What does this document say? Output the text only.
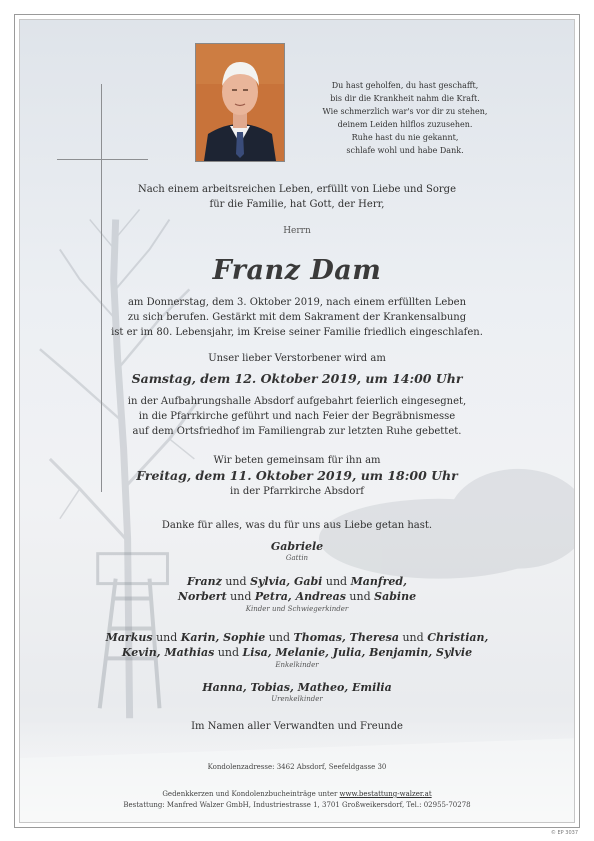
Du hast geholfen, du hast geschafft,
bis dir die Krankheit nahm die Kraft.
Wie schmerzlich war's vor dir zu stehen,
deinem Leiden hilflos zuzusehen.
Ruhe hast du nie gekannt,
schlafe wohl und habe Dank.
Nach einem arbeitsreichen Leben, erfüllt von Liebe und Sorge
für die Familie, hat Gott, der Herr,
Herrn
Franz Dam
am Donnerstag, dem 3. Oktober 2019, nach einem erfüllten Leben
zu sich berufen. Gestärkt mit dem Sakrament der Krankensalbung
ist er im 80. Lebensjahr, im Kreise seiner Familie friedlich eingeschlafen.
Unser lieber Verstorbener wird am
Samstag, dem 12. Oktober 2019, um 14:00 Uhr
in der Aufbahrungshalle Absdorf aufgebahrt feierlich eingesegnet,
in die Pfarrkirche geführt und nach Feier der Begräbnismesse
auf dem Ortsfriedhof im Familiengrab zur letzten Ruhe gebettet.
Wir beten gemeinsam für ihn am
Freitag, dem 11. Oktober 2019, um 18:00 Uhr
in der Pfarrkirche Absdorf
Danke für alles, was du für uns aus Liebe getan hast.
Gabriele
Gattin
Franz und Sylvia, Gabi und Manfred,
Norbert und Petra, Andreas und Sabine
Kinder und Schwiegerkinder
Markus und Karin, Sophie und Thomas, Theresa und Christian,
Kevin, Mathias und Lisa, Melanie, Julia, Benjamin, Sylvie
Enkelkinder
Hanna, Tobias, Matheo, Emilia
Urenkelkinder
Im Namen aller Verwandten und Freunde
Kondolenzadresse: 3462 Absdorf, Seefeldgasse 30
Gedenkkerzen und Kondolenzbucheinträge unter www.bestattung-walzer.at
Bestattung: Manfred Walzer GmbH, Industriestrasse 1, 3701 Großweikersdorf, Tel.: 02955-70278
© EP 3037
